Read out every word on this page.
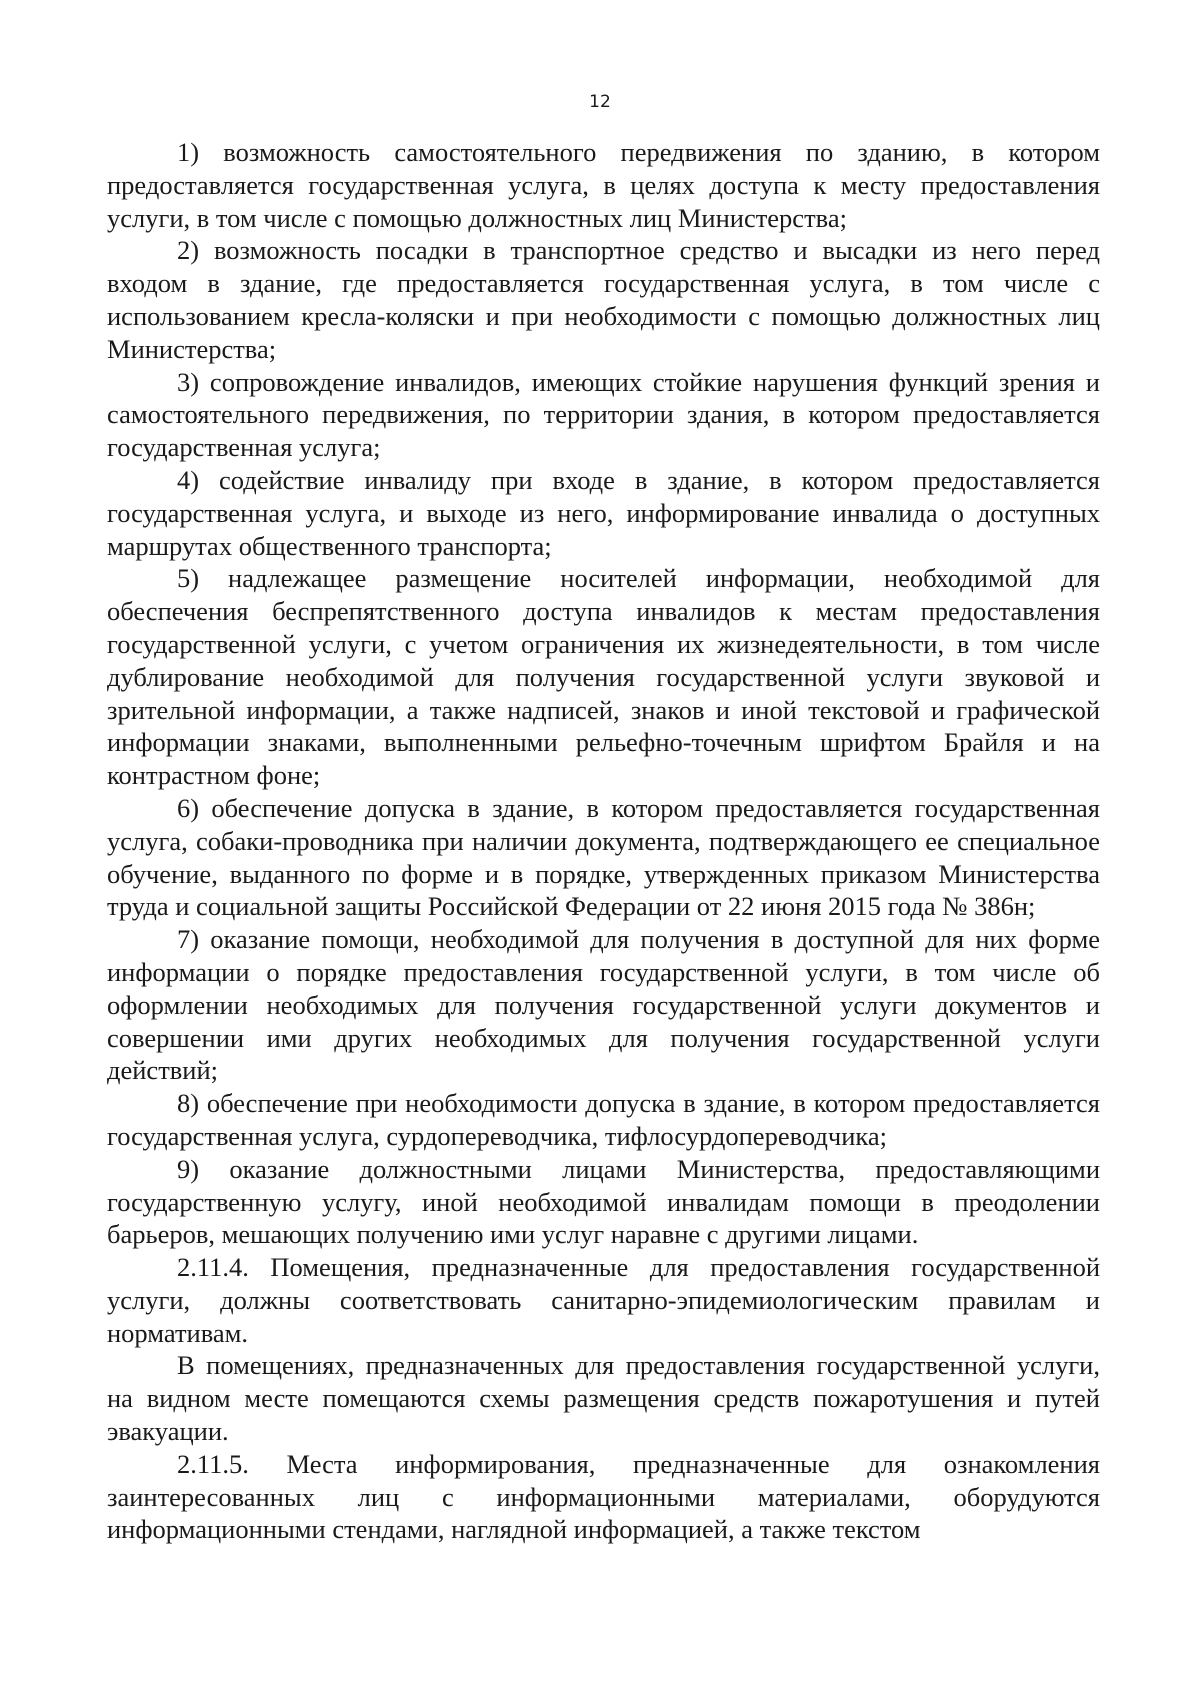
12

1) возможность самостоятельного передвижения по зданию, в котором предоставляется государственная услуга, в целях доступа к месту предоставления услуги, в том числе с помощью должностных лиц Министерства;

2) возможность посадки в транспортное средство и высадки из него перед входом в здание, где предоставляется государственная услуга, в том числе с использованием кресла-коляски и при необходимости с помощью должностных лиц Министерства;

3) сопровождение инвалидов, имеющих стойкие нарушения функций зрения и самостоятельного передвижения, по территории здания, в котором предоставляется государственная услуга;

4) содействие инвалиду при входе в здание, в котором предоставляется государственная услуга, и выходе из него, информирование инвалида о доступных маршрутах общественного транспорта;

5) надлежащее размещение носителей информации, необходимой для обеспечения беспрепятственного доступа инвалидов к местам предоставления государственной услуги, с учетом ограничения их жизнедеятельности, в том числе дублирование необходимой для получения государственной услуги звуковой и зрительной информации, а также надписей, знаков и иной текстовой и графической информации знаками, выполненными рельефно-точечным шрифтом Брайля и на контрастном фоне;

6) обеспечение допуска в здание, в котором предоставляется государственная услуга, собаки-проводника при наличии документа, подтверждающего ее специальное обучение, выданного по форме и в порядке, утвержденных приказом Министерства труда и социальной защиты Российской Федерации от 22 июня 2015 года № 386н;

7) оказание помощи, необходимой для получения в доступной для них форме информации о порядке предоставления государственной услуги, в том числе об оформлении необходимых для получения государственной услуги документов и совершении ими других необходимых для получения государственной услуги действий;

8) обеспечение при необходимости допуска в здание, в котором предоставляется государственная услуга, сурдопереводчика, тифлосурдопереводчика;

9) оказание должностными лицами Министерства, предоставляющими государственную услугу, иной необходимой инвалидам помощи в преодолении барьеров, мешающих получению ими услуг наравне с другими лицами.

2.11.4. Помещения, предназначенные для предоставления государственной услуги, должны соответствовать санитарно-эпидемиологическим правилам и нормативам.

В помещениях, предназначенных для предоставления государственной услуги, на видном месте помещаются схемы размещения средств пожаротушения и путей эвакуации.

2.11.5. Места информирования, предназначенные для ознакомления заинтересованных лиц с информационными материалами, оборудуются информационными стендами, наглядной информацией, а также текстом
